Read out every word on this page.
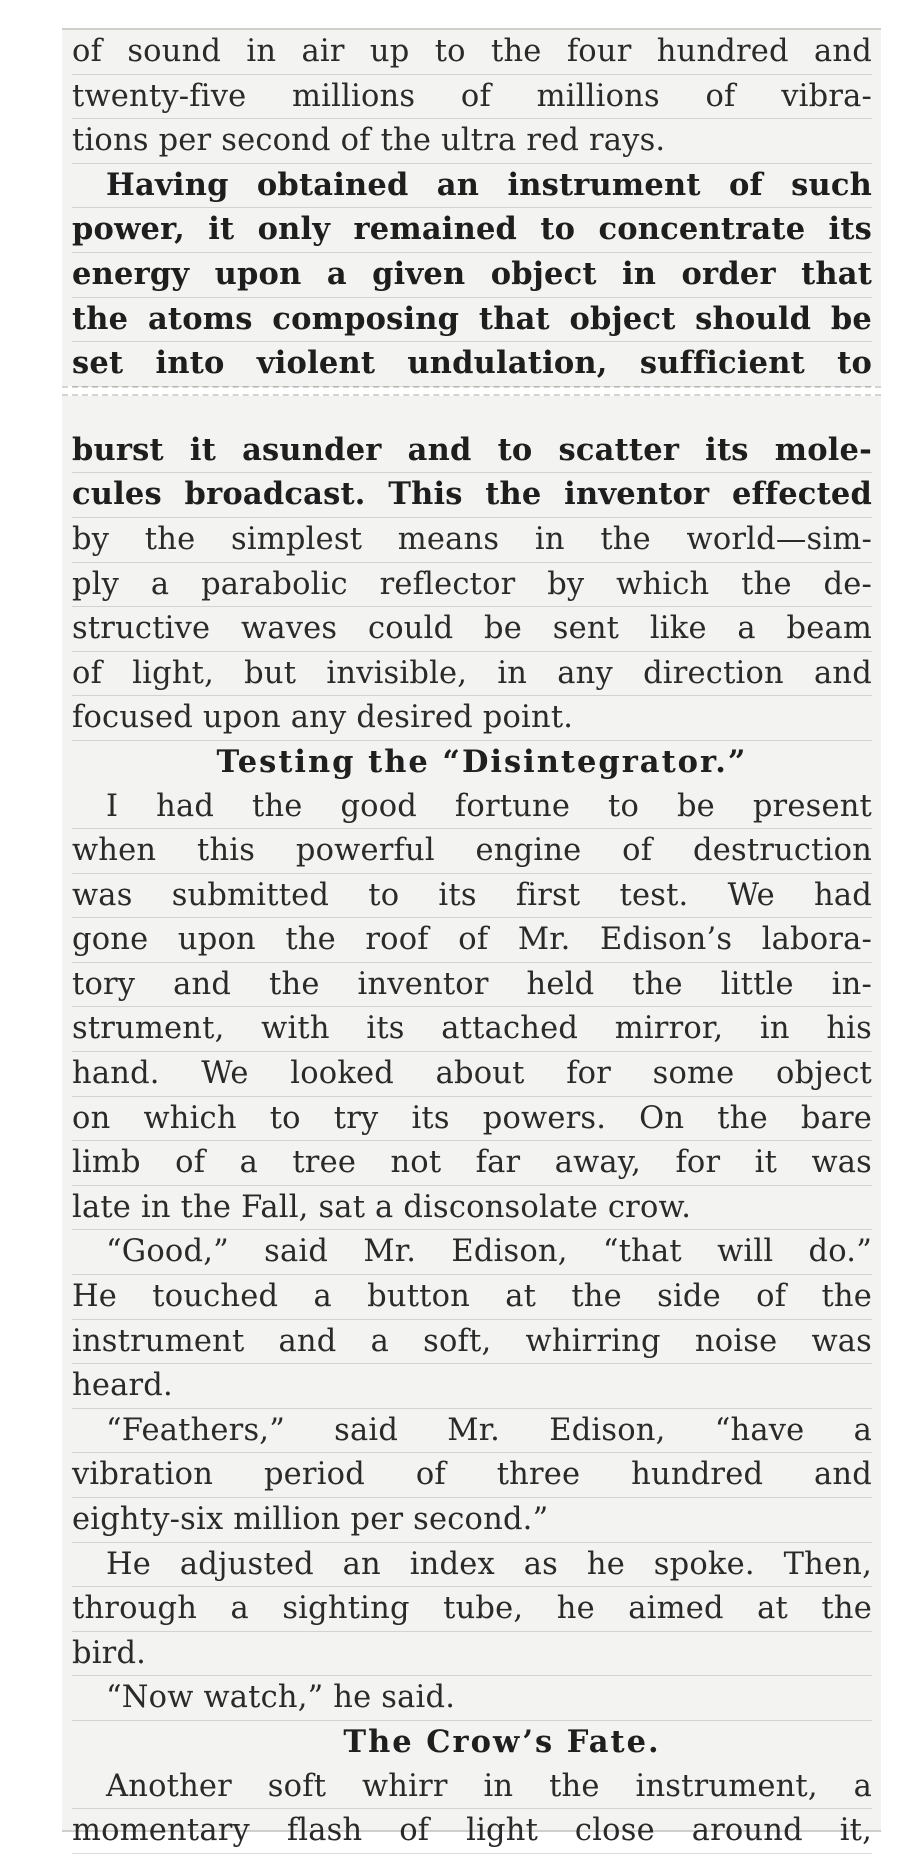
of sound in air up to the four hundred and
twenty-five millions of millions of vibra-
tions per second of the ultra red rays.
Having obtained an instrument of such
power, it only remained to concentrate its
energy upon a given object in order that
the atoms composing that object should be
set into violent undulation, sufficient to
burst it asunder and to scatter its mole-
cules broadcast. This the inventor effected
by the simplest means in the world—sim-
ply a parabolic reflector by which the de-
structive waves could be sent like a beam
of light, but invisible, in any direction and
focused upon any desired point.
Testing the “Disintegrator.”
I had the good fortune to be present
when this powerful engine of destruction
was submitted to its first test. We had
gone upon the roof of Mr. Edison’s labora-
tory and the inventor held the little in-
strument, with its attached mirror, in his
hand. We looked about for some object
on which to try its powers. On the bare
limb of a tree not far away, for it was
late in the Fall, sat a disconsolate crow.
“Good,” said Mr. Edison, “that will do.”
He touched a button at the side of the
instrument and a soft, whirring noise was
heard.
“Feathers,” said Mr. Edison, “have a
vibration period of three hundred and
eighty-six million per second.”
He adjusted an index as he spoke. Then,
through a sighting tube, he aimed at the
bird.
“Now watch,” he said.
The Crow’s Fate.
Another soft whirr in the instrument, a
momentary flash of light close around it,
